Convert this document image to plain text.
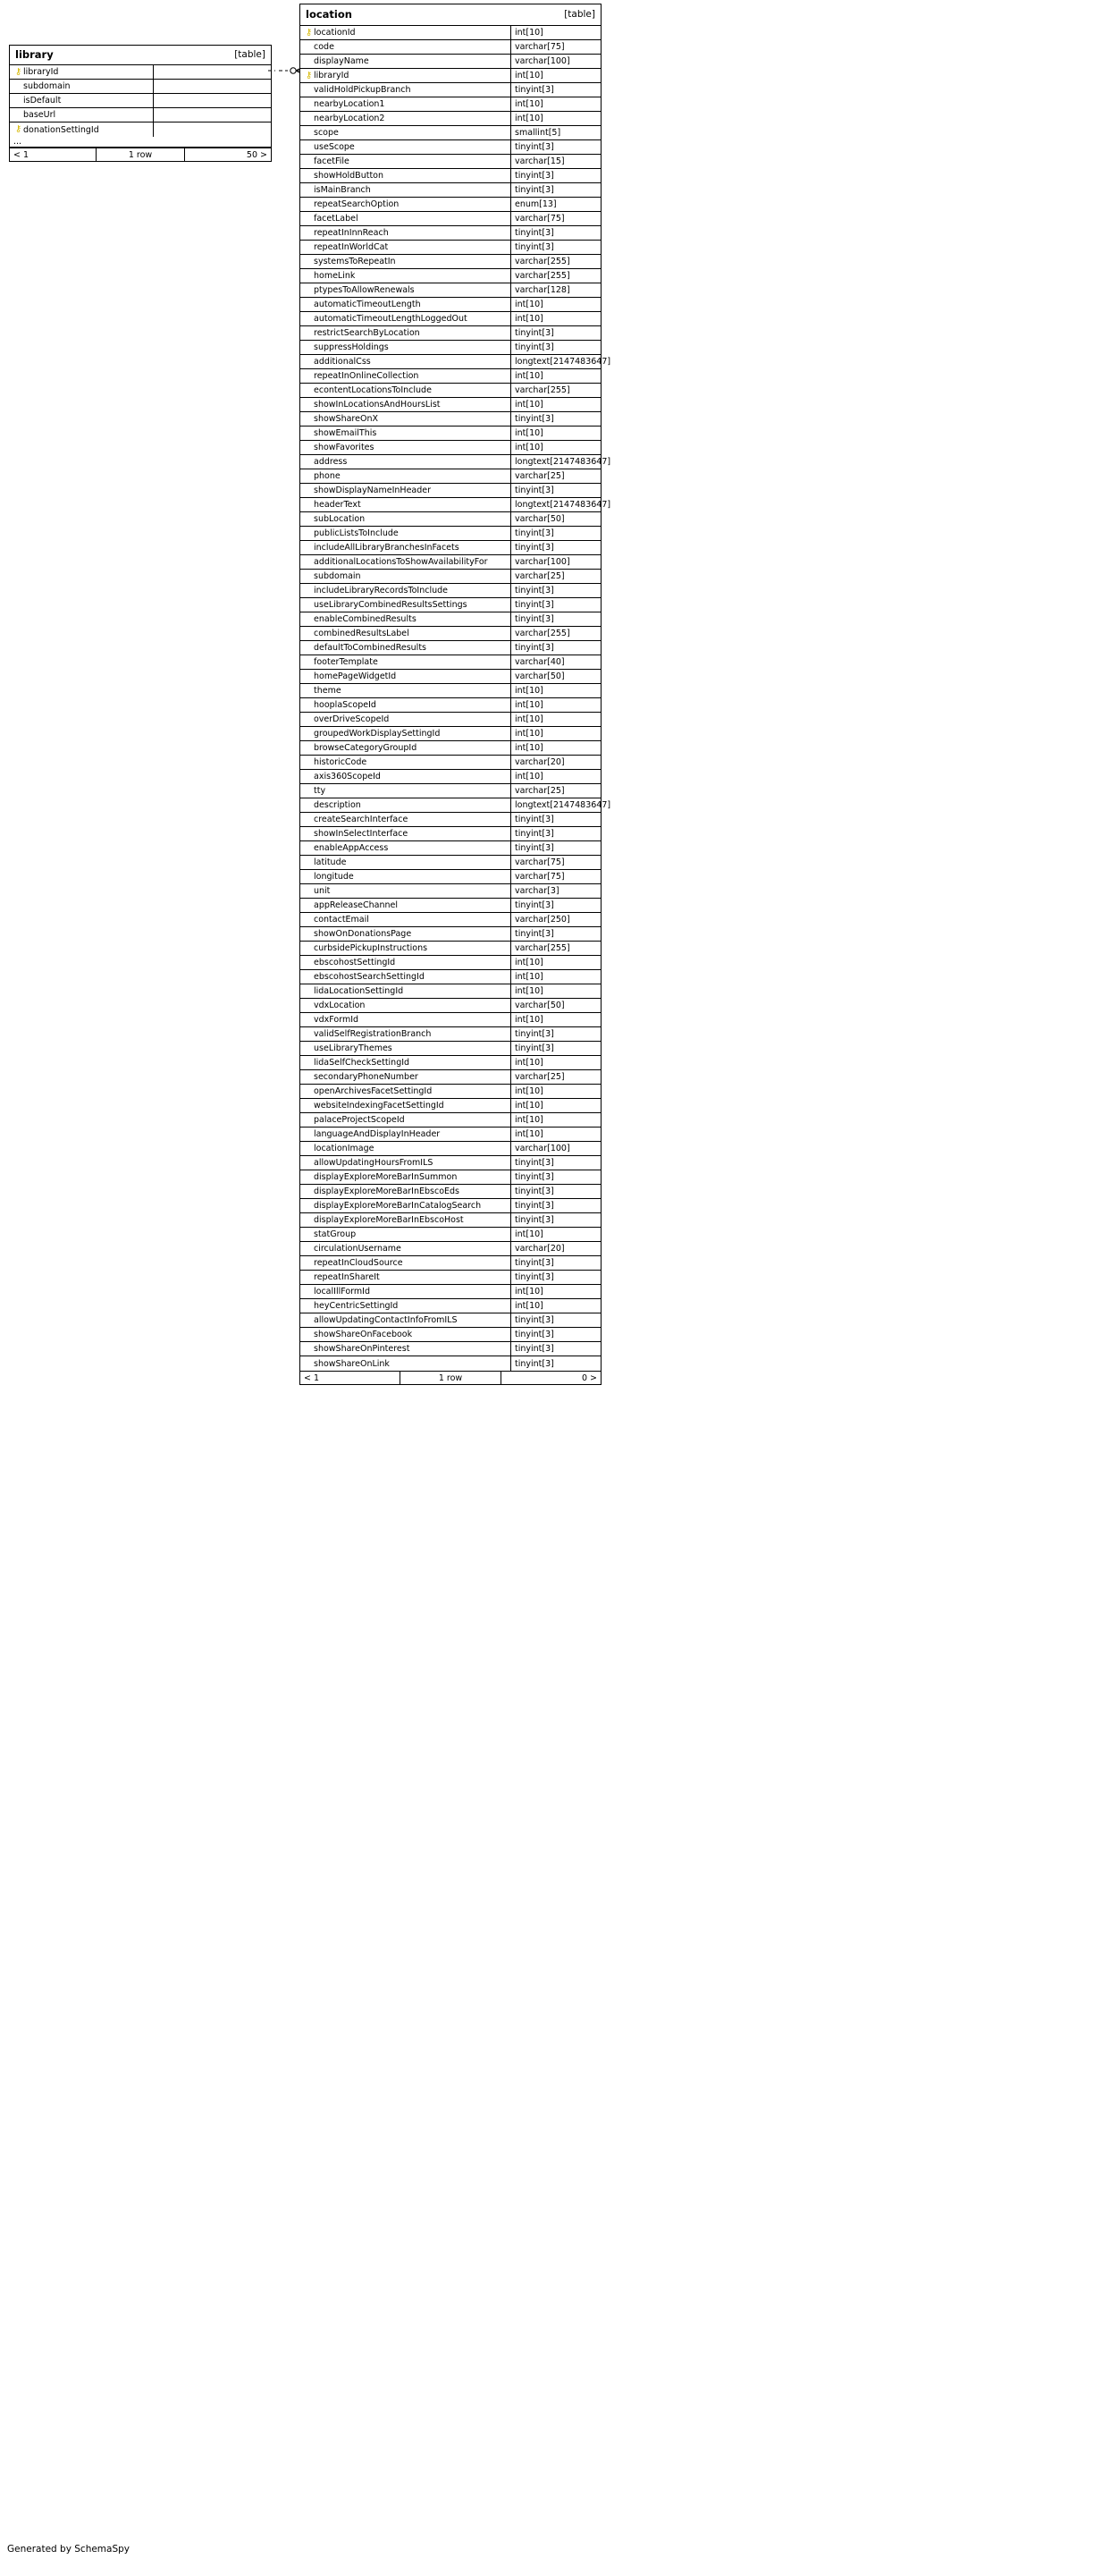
library	[table]
⚷ libraryId
subdomain
isDefault
baseUrl
⚷ donationSettingId
...
< 1	1 row	50 >
location	[table]
⚷ locationId	int[10]
code	varchar[75]
displayName	varchar[100]
⚷ libraryId	int[10]
validHoldPickupBranch	tinyint[3]
nearbyLocation1	int[10]
nearbyLocation2	int[10]
scope	smallint[5]
useScope	tinyint[3]
facetFile	varchar[15]
showHoldButton	tinyint[3]
isMainBranch	tinyint[3]
repeatSearchOption	enum[13]
facetLabel	varchar[75]
repeatInInnReach	tinyint[3]
repeatInWorldCat	tinyint[3]
systemsToRepeatIn	varchar[255]
homeLink	varchar[255]
ptypesToAllowRenewals	varchar[128]
automaticTimeoutLength	int[10]
automaticTimeoutLengthLoggedOut	int[10]
restrictSearchByLocation	tinyint[3]
suppressHoldings	tinyint[3]
additionalCss	longtext[2147483647]
repeatInOnlineCollection	int[10]
econtentLocationsToInclude	varchar[255]
showInLocationsAndHoursList	int[10]
showShareOnX	tinyint[3]
showEmailThis	int[10]
showFavorites	int[10]
address	longtext[2147483647]
phone	varchar[25]
showDisplayNameInHeader	tinyint[3]
headerText	longtext[2147483647]
subLocation	varchar[50]
publicListsToInclude	tinyint[3]
includeAllLibraryBranchesInFacets	tinyint[3]
additionalLocationsToShowAvailabilityFor	varchar[100]
subdomain	varchar[25]
includeLibraryRecordsToInclude	tinyint[3]
useLibraryCombinedResultsSettings	tinyint[3]
enableCombinedResults	tinyint[3]
combinedResultsLabel	varchar[255]
defaultToCombinedResults	tinyint[3]
footerTemplate	varchar[40]
homePageWidgetId	varchar[50]
theme	int[10]
hooplaScopeId	int[10]
overDriveScopeId	int[10]
groupedWorkDisplaySettingId	int[10]
browseCategoryGroupId	int[10]
historicCode	varchar[20]
axis360ScopeId	int[10]
tty	varchar[25]
description	longtext[2147483647]
createSearchInterface	tinyint[3]
showInSelectInterface	tinyint[3]
enableAppAccess	tinyint[3]
latitude	varchar[75]
longitude	varchar[75]
unit	varchar[3]
appReleaseChannel	tinyint[3]
contactEmail	varchar[250]
showOnDonationsPage	tinyint[3]
curbsidePickupInstructions	varchar[255]
ebscohostSettingId	int[10]
ebscohostSearchSettingId	int[10]
lidaLocationSettingId	int[10]
vdxLocation	varchar[50]
vdxFormId	int[10]
validSelfRegistrationBranch	tinyint[3]
useLibraryThemes	tinyint[3]
lidaSelfCheckSettingId	int[10]
secondaryPhoneNumber	varchar[25]
openArchivesFacetSettingId	int[10]
websiteIndexingFacetSettingId	int[10]
palaceProjectScopeId	int[10]
languageAndDisplayInHeader	int[10]
locationImage	varchar[100]
allowUpdatingHoursFromILS	tinyint[3]
displayExploreMoreBarInSummon	tinyint[3]
displayExploreMoreBarInEbscoEds	tinyint[3]
displayExploreMoreBarInCatalogSearch	tinyint[3]
displayExploreMoreBarInEbscoHost	tinyint[3]
statGroup	int[10]
circulationUsername	varchar[20]
repeatInCloudSource	tinyint[3]
repeatInShareIt	tinyint[3]
localIllFormId	int[10]
heyCentricSettingId	int[10]
allowUpdatingContactInfoFromILS	tinyint[3]
showShareOnFacebook	tinyint[3]
showShareOnPinterest	tinyint[3]
showShareOnLink	tinyint[3]
< 1	1 row	0 >
Generated by SchemaSpy
